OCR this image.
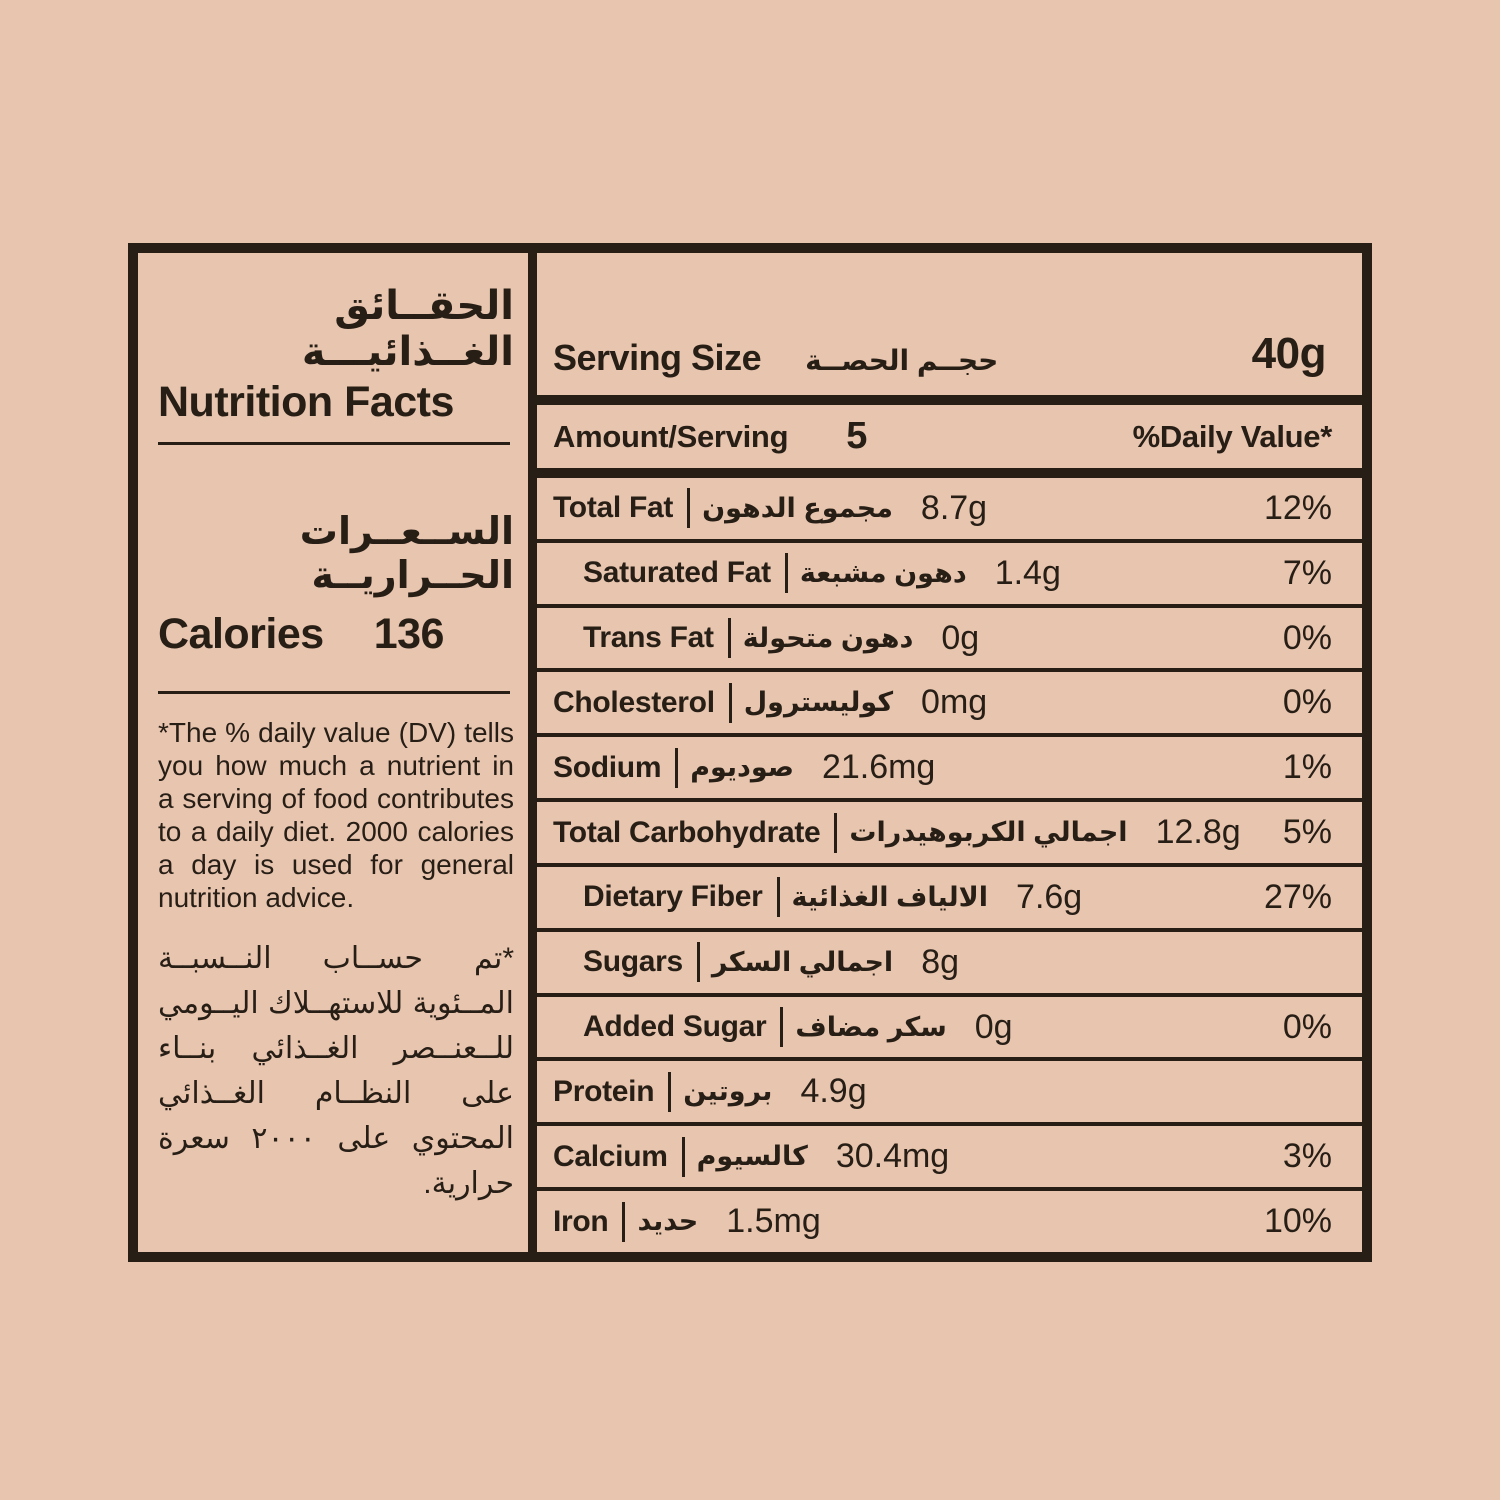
الحقــائق الغــذائيـــة
Nutrition Facts
الســعــرات الحــراريــة
Calories 136

*The % daily value (DV) tells you how much a nutrient in a serving of food contributes to a daily diet. 2000 calories a day is used for general nutrition advice.

*تم حســاب النــسبــة المــئوية للاستهــلاك اليــومي للــعنــصر الغــذائي بنــاء على النظــام الغــذائي المحتوي على ٢٠٠٠ سعرة حرارية.

Serving Size حجــم الحصــة	40g
Amount/Serving 5	%Daily Value*
Total Fat مجموع الدهون 8.7g	12%
Saturated Fat دهون مشبعة 1.4g	7%
Trans Fat دهون متحولة 0g	0%
Cholesterol كوليسترول 0mg	0%
Sodium صوديوم 21.6mg	1%
Total Carbohydrate اجمالي الكربوهيدرات 12.8g 5%
Dietary Fiber الالياف الغذائية 7.6g	27%
Sugars اجمالي السكر 8g
Added Sugar سكر مضاف 0g	0%
Protein بروتين 4.9g
Calcium كالسيوم 30.4mg	3%
Iron حديد 1.5mg	10%
